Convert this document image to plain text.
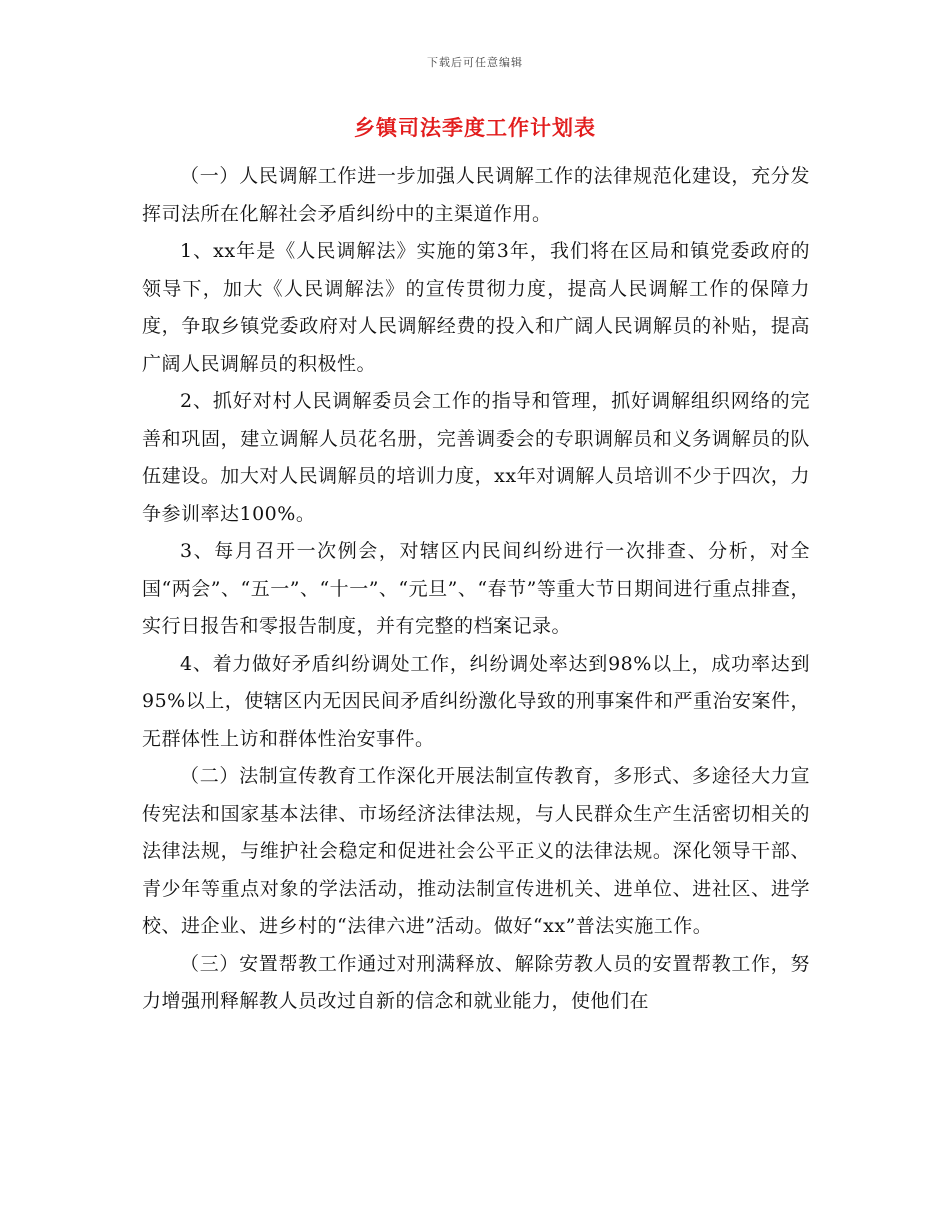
下载后可任意编辑
乡镇司法季度工作计划表

（一）人民调解工作进一步加强人民调解工作的法律规范化建设，充分发挥司法所在化解社会矛盾纠纷中的主渠道作用。

1、xx年是《人民调解法》实施的第3年，我们将在区局和镇党委政府的领导下，加大《人民调解法》的宣传贯彻力度，提高人民调解工作的保障力度，争取乡镇党委政府对人民调解经费的投入和广阔人民调解员的补贴，提高广阔人民调解员的积极性。

2、抓好对村人民调解委员会工作的指导和管理，抓好调解组织网络的完善和巩固，建立调解人员花名册，完善调委会的专职调解员和义务调解员的队伍建设。加大对人民调解员的培训力度，xx年对调解人员培训不少于四次，力争参训率达100%。

3、每月召开一次例会，对辖区内民间纠纷进行一次排查、分析，对全国“两会”、“五一”、“十一”、“元旦”、“春节”等重大节日期间进行重点排查，实行日报告和零报告制度，并有完整的档案记录。

4、着力做好矛盾纠纷调处工作，纠纷调处率达到98%以上，成功率达到95%以上，使辖区内无因民间矛盾纠纷激化导致的刑事案件和严重治安案件，无群体性上访和群体性治安事件。

（二）法制宣传教育工作深化开展法制宣传教育，多形式、多途径大力宣传宪法和国家基本法律、市场经济法律法规，与人民群众生产生活密切相关的法律法规，与维护社会稳定和促进社会公平正义的法律法规。深化领导干部、青少年等重点对象的学法活动，推动法制宣传进机关、进单位、进社区、进学校、进企业、进乡村的“法律六进”活动。做好“xx”普法实施工作。

（三）安置帮教工作通过对刑满释放、解除劳教人员的安置帮教工作，努力增强刑释解教人员改过自新的信念和就业能力，使他们在
